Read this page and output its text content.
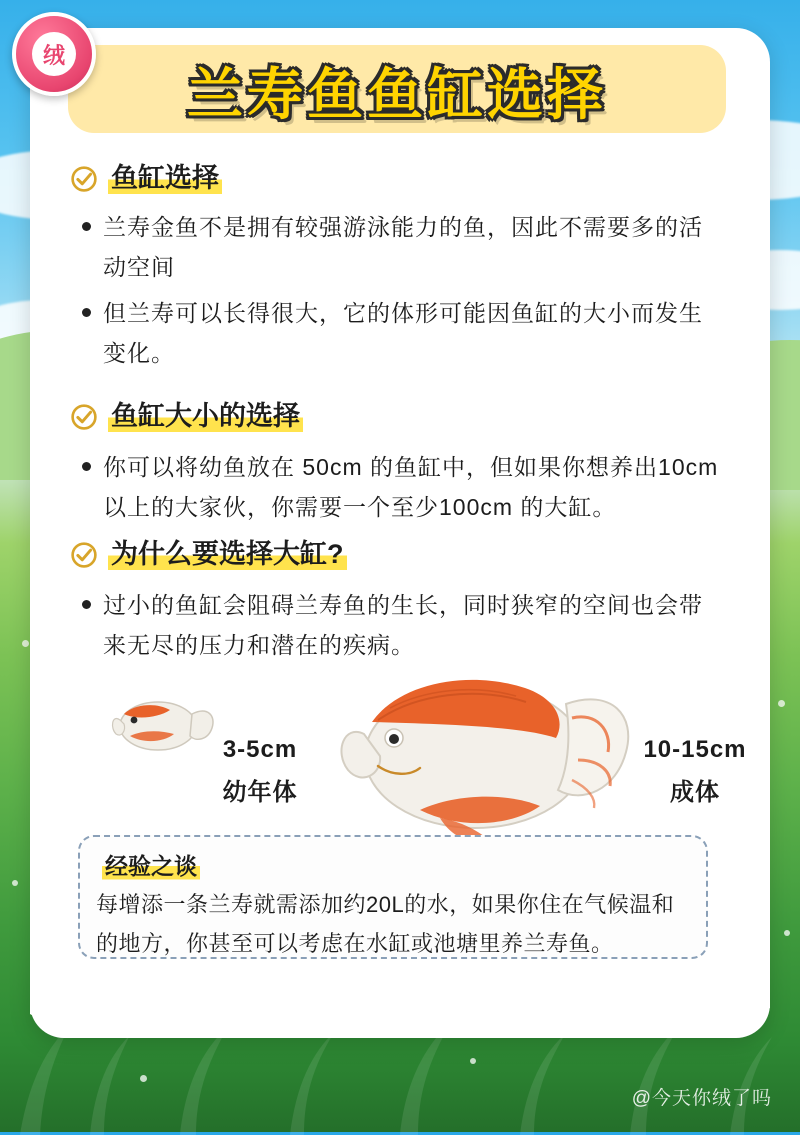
绒
兰寿鱼鱼缸选择
鱼缸选择
兰寿金鱼不是拥有较强游泳能力的鱼，因此不需要多的活动空间
但兰寿可以长得很大，它的体形可能因鱼缸的大小而发生变化。
鱼缸大小的选择
你可以将幼鱼放在 50cm 的鱼缸中，但如果你想养出10cm 以上的大家伙，你需要一个至少100cm 的大缸。
为什么要选择大缸?
过小的鱼缸会阻碍兰寿鱼的生长，同时狭窄的空间也会带来无尽的压力和潜在的疾病。
3-5cm
幼年体
10-15cm
成体
经验之谈
每增添一条兰寿就需添加约20L的水，如果你住在气候温和的地方，你甚至可以考虑在水缸或池塘里养兰寿鱼。
@今天你绒了吗
